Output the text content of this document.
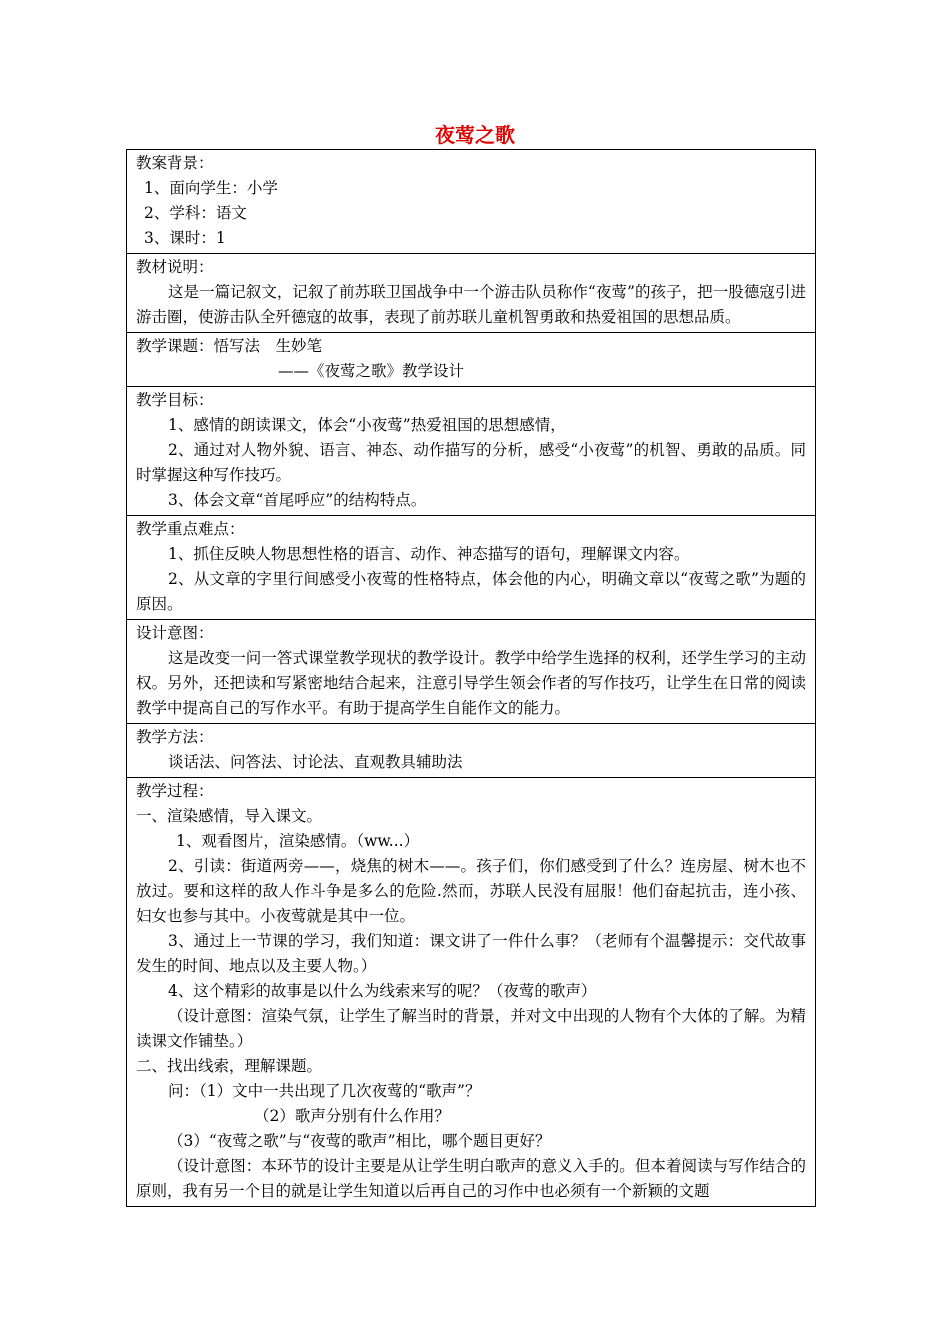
夜莺之歌
教案背景：
1、面向学生：小学
2、学科：语文
3、课时：1
教材说明：
这是一篇记叙文，记叙了前苏联卫国战争中一个游击队员称作“夜莺”的孩子，把一股德寇引进游击圈，使游击队全歼德寇的故事，表现了前苏联儿童机智勇敢和热爱祖国的思想品质。
教学课题：悟写法　生妙笔
——《夜莺之歌》教学设计
教学目标：
1、感情的朗读课文，体会“小夜莺”热爱祖国的思想感情，
2、通过对人物外貌、语言、神态、动作描写的分析，感受“小夜莺”的机智、勇敢的品质。同时掌握这种写作技巧。
3、体会文章“首尾呼应”的结构特点。
教学重点难点：
1、抓住反映人物思想性格的语言、动作、神态描写的语句，理解课文内容。
2、从文章的字里行间感受小夜莺的性格特点，体会他的内心，明确文章以“夜莺之歌”为题的原因。
设计意图：
这是改变一问一答式课堂教学现状的教学设计。教学中给学生选择的权利，还学生学习的主动权。另外，还把读和写紧密地结合起来，注意引导学生领会作者的写作技巧，让学生在日常的阅读教学中提高自己的写作水平。有助于提高学生自能作文的能力。
教学方法：
谈话法、问答法、讨论法、直观教具辅助法
教学过程：
一、渲染感情，导入课文。
1、观看图片，渲染感情。（ww...）
2、引读：街道两旁——，烧焦的树木——。孩子们，你们感受到了什么？连房屋、树木也不放过。要和这样的敌人作斗争是多么的危险.然而，苏联人民没有屈服！他们奋起抗击，连小孩、妇女也参与其中。小夜莺就是其中一位。
3、通过上一节课的学习，我们知道：课文讲了一件什么事？（老师有个温馨提示：交代故事发生的时间、地点以及主要人物。）
4、这个精彩的故事是以什么为线索来写的呢？（夜莺的歌声）
（设计意图：渲染气氛，让学生了解当时的背景，并对文中出现的人物有个大体的了解。为精读课文作铺垫。）
二、找出线索，理解课题。
问：（1）文中一共出现了几次夜莺的“歌声”？
（2）歌声分别有什么作用？
（3）“夜莺之歌”与“夜莺的歌声”相比，哪个题目更好？
（设计意图：本环节的设计主要是从让学生明白歌声的意义入手的。但本着阅读与写作结合的原则，我有另一个目的就是让学生知道以后再自己的习作中也必须有一个新颖的文题
